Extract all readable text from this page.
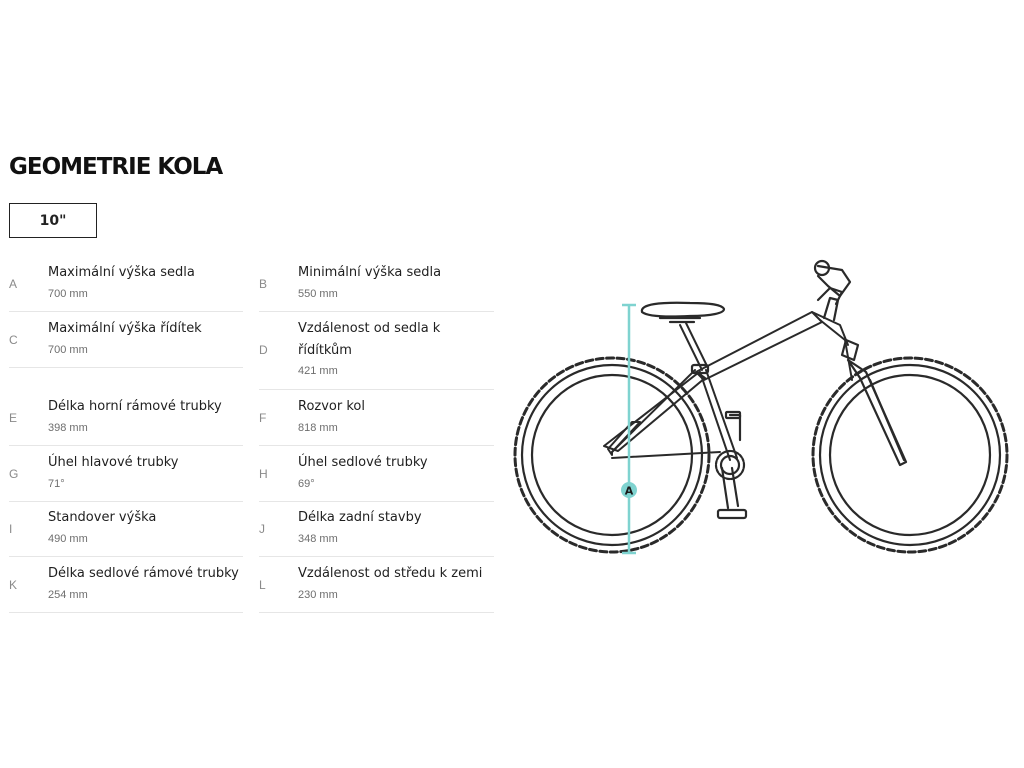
GEOMETRIE KOLA
10"
A
Maximální výška sedla
700 mm
C
Maximální výška řídítek
700 mm
E
Délka horní rámové trubky
398 mm
G
Úhel hlavové trubky
71°
I
Standover výška
490 mm
K
Délka sedlové rámové trubky
254 mm
B
Minimální výška sedla
550 mm
D
Vzdálenost od sedla k řídítkům
421 mm
F
Rozvor kol
818 mm
H
Úhel sedlové trubky
69°
J
Délka zadní stavby
348 mm
L
Vzdálenost od středu k zemi
230 mm
A
